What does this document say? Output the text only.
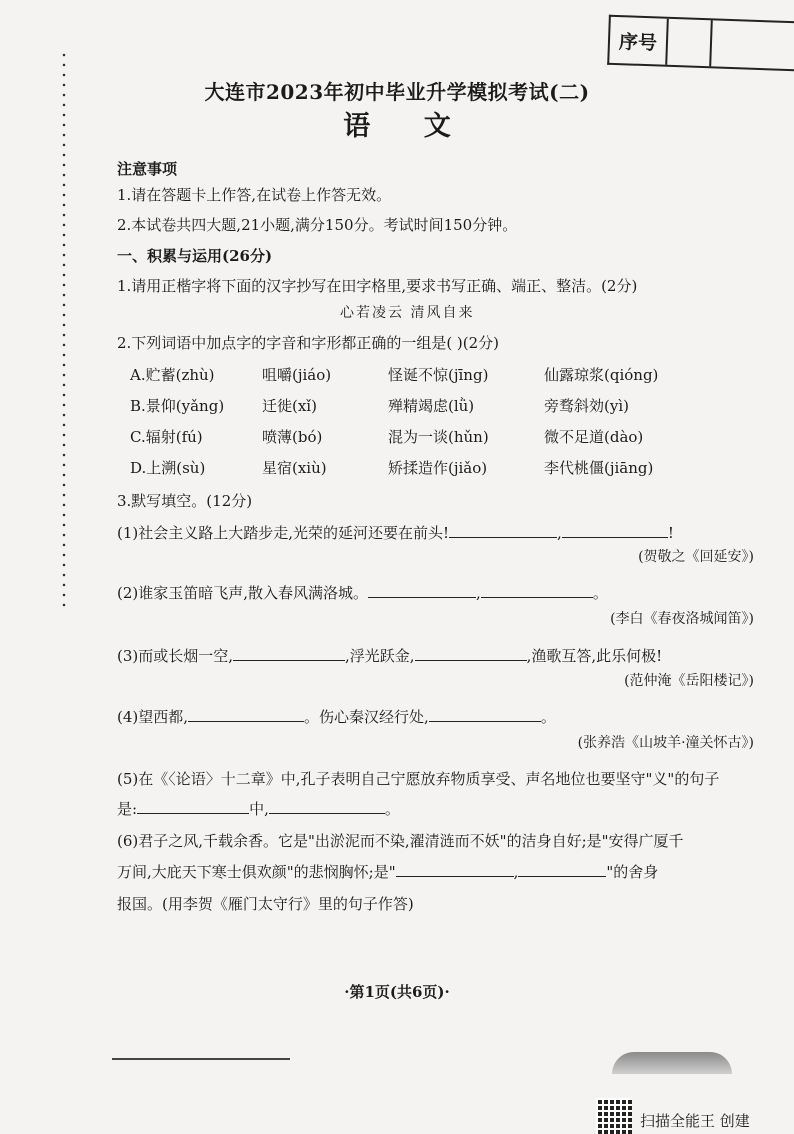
序号
大连市2023年初中毕业升学模拟考试(二)
语 文
注意事项
1.请在答题卡上作答,在试卷上作答无效。
2.本试卷共四大题,21小题,满分150分。考试时间150分钟。
一、积累与运用(26分)
1.请用正楷字将下面的汉字抄写在田字格里,要求书写正确、端正、整洁。(2分)
心若凌云 清风自来
2.下列词语中加点字的字音和字形都正确的一组是( )(2分)
A.贮蓄(zhù)	咀嚼(jiáo)	怪诞不惊(jīng)	仙露琼浆(qióng)
B.景仰(yǎng)	迁徙(xǐ)	殚精竭虑(lǜ)	旁骛斜効(yì)
C.辐射(fú)	喷薄(bó)	混为一谈(hǔn)	微不足道(dào)
D.上溯(sù)	星宿(xiù)	矫揉造作(jiǎo)	李代桃僵(jiāng)
3.默写填空。(12分)
(1)社会主义路上大踏步走,光荣的延河还要在前头!	,	!
(贺敬之《回延安》)
(2)谁家玉笛暗飞声,散入春风满洛城。	,	。
(李白《春夜洛城闻笛》)
(3)而或长烟一空,	,浮光跃金,	,渔歌互答,此乐何极!
(范仲淹《岳阳楼记》)
(4)望西都,	。伤心秦汉经行处,	。
(张养浩《山坡羊·潼关怀古》)
(5)在《〈论语〉十二章》中,孔子表明自己宁愿放弃物质享受、声名地位也要坚守"义"的句子
是:	中,	。
(6)君子之风,千载余香。它是"出淤泥而不染,濯清涟而不妖"的洁身自好;是"安得广厦千
万间,大庇天下寒士俱欢颜"的悲悯胸怀;是"	,	"的舍身
报国。(用李贺《雁门太守行》里的句子作答)
·第1页(共6页)·
扫描全能王 创建
